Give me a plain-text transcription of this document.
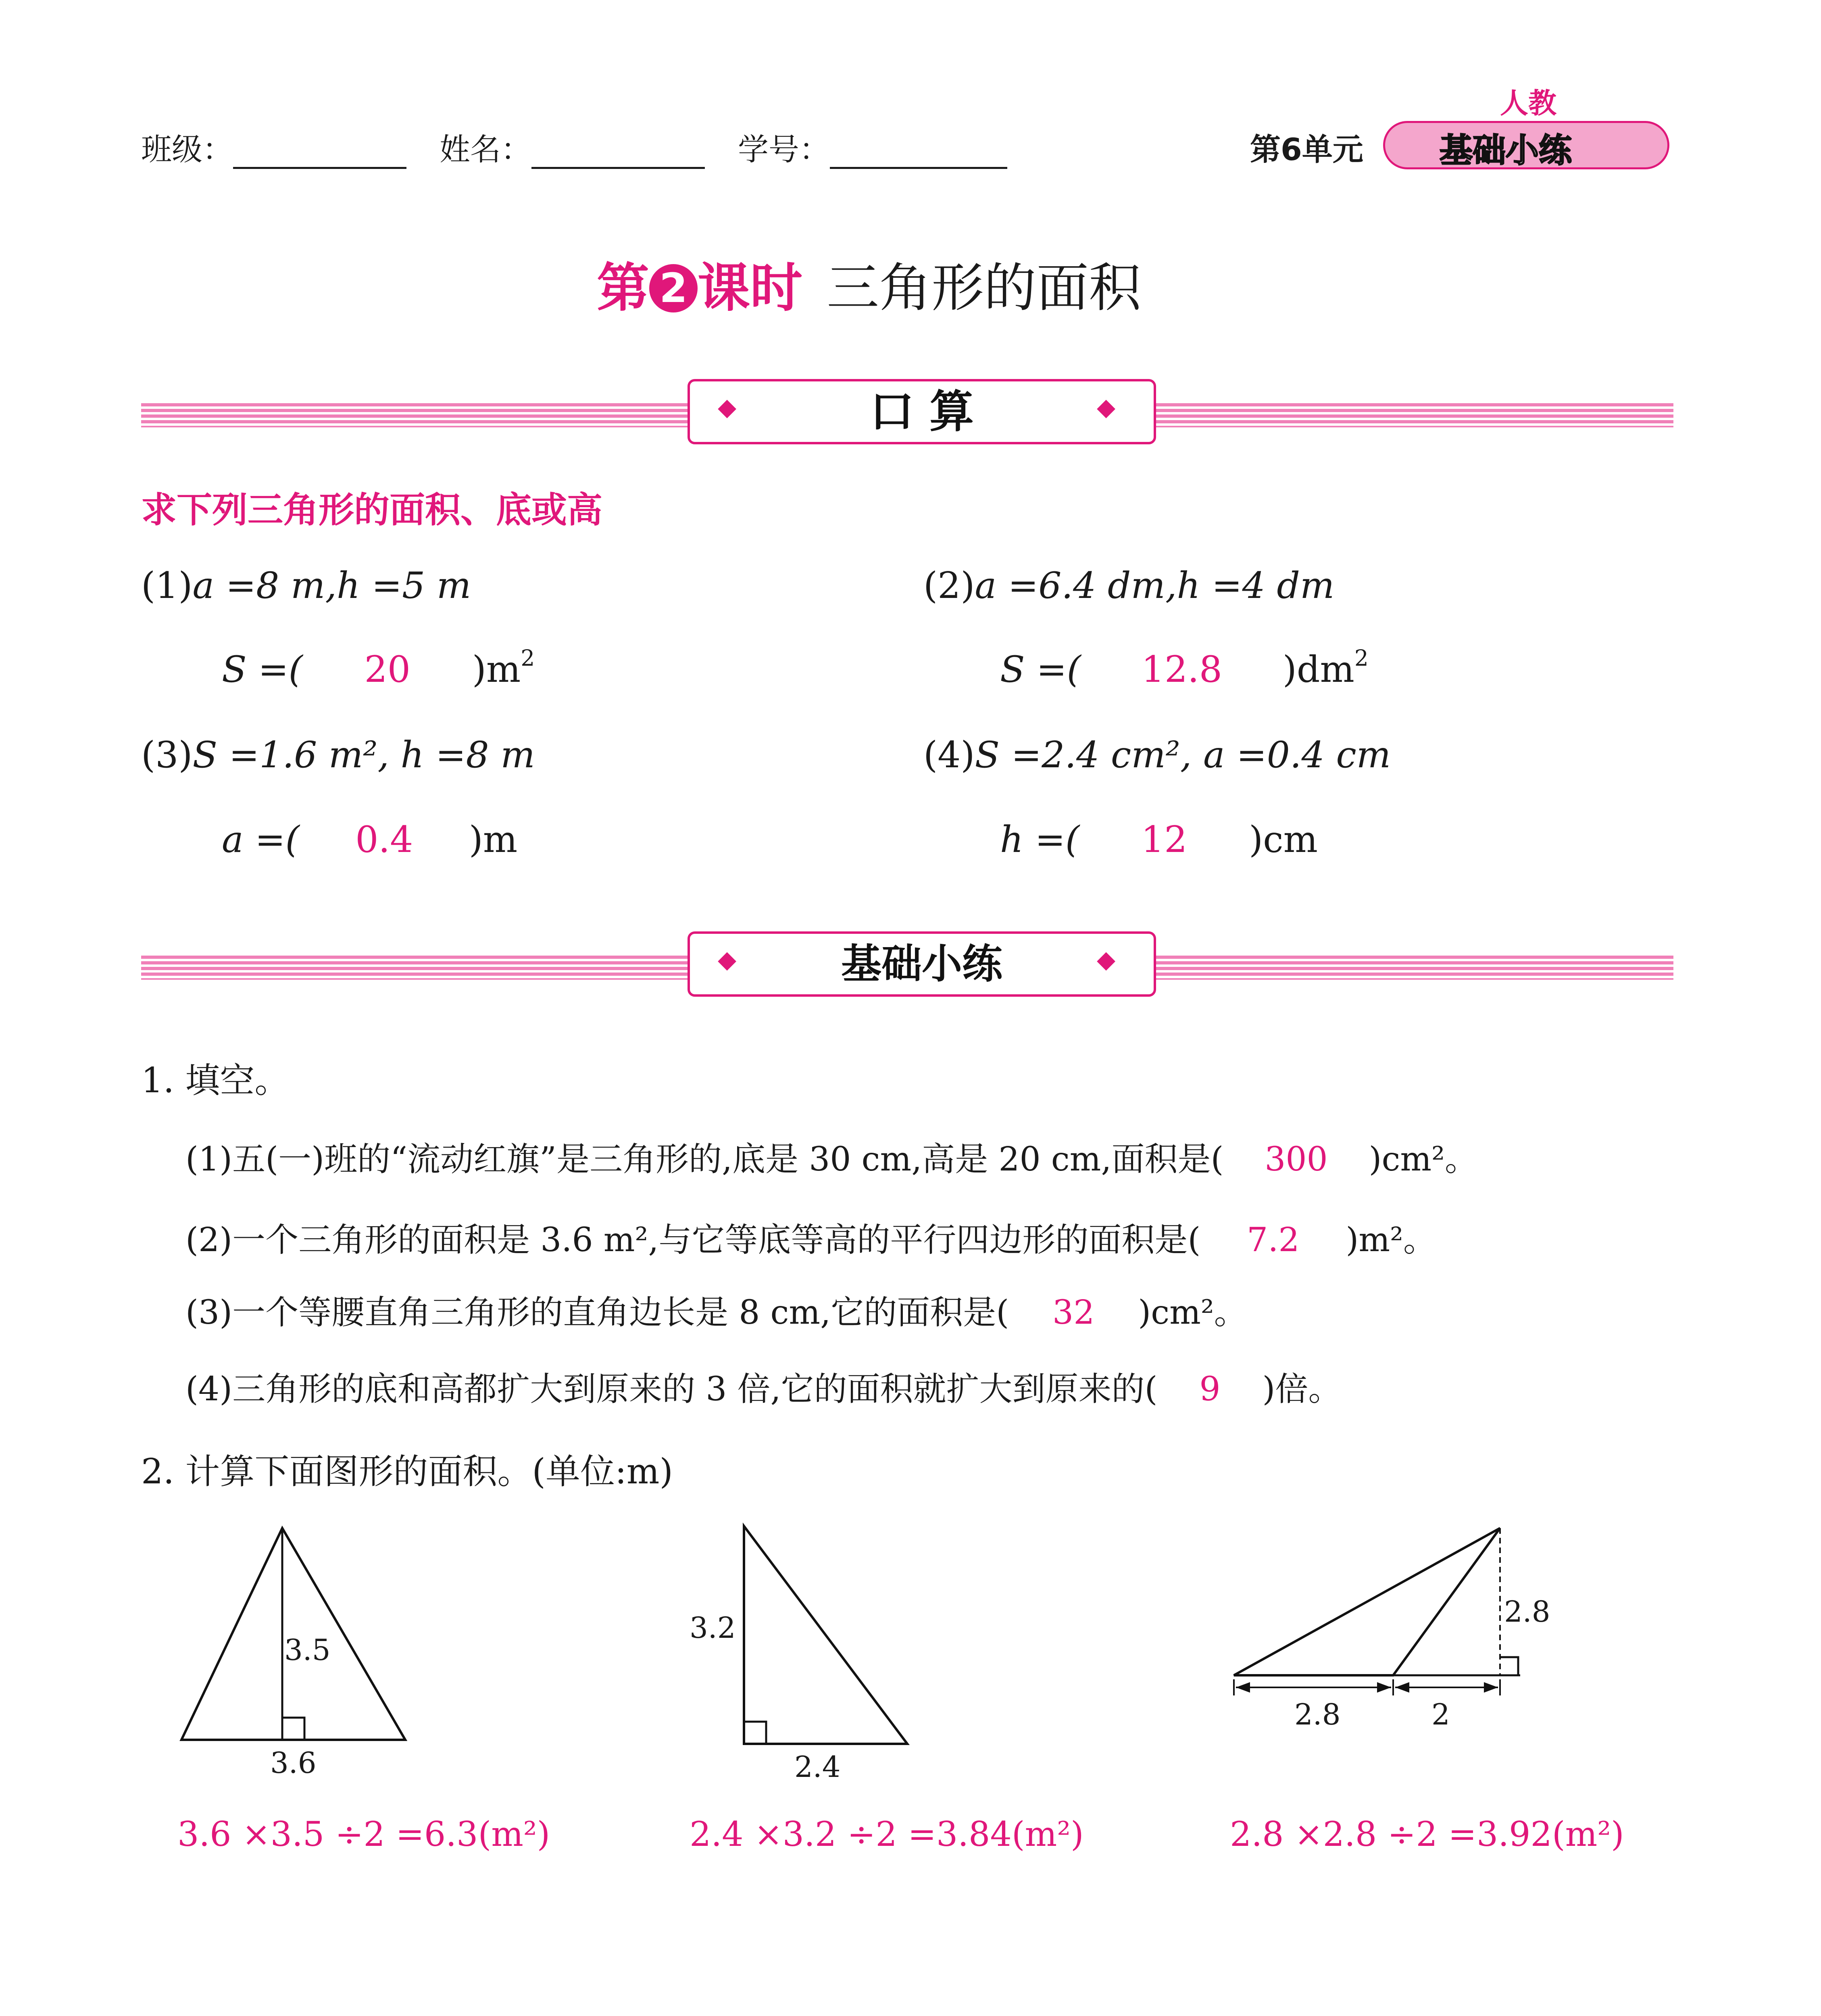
班级：	姓名：	学号：	第6单元
人教
基础小练
第 2 课时 三角形的面积
口 算
◆	◆
求下列三角形的面积、底或高
(1)a =8 m,h =5 m
S =( 20 )$m^2$
(2)a =6.4 dm,h =4 dm
S =( 12.8 )$dm^2$
(3)S =1.6 m², h =8 m
a =( 0.4 )m
(4)S =2.4 cm², a =0.4 cm
h =( 12 )cm
基础小练
◆	◆
1. 填空。
(1)五(一)班的“流动红旗”是三角形的,底是 30 cm,高是 20 cm,面积是( 300 )cm²。
(2)一个三角形的面积是 3.6 m²,与它等底等高的平行四边形的面积是( 7.2 )m²。
(3)一个等腰直角三角形的直角边长是 8 cm,它的面积是( 32 )cm²。
(4)三角形的底和高都扩大到原来的 3 倍,它的面积就扩大到原来的( 9 )倍。
2. 计算下面图形的面积。(单位:m)
3.5
3.6
3.2
2.4
2.8
2.8	2
3.6 ×3.5 ÷2 =6.3(m²)	2.4 ×3.2 ÷2 =3.84(m²)	2.8 ×2.8 ÷2 =3.92(m²)
